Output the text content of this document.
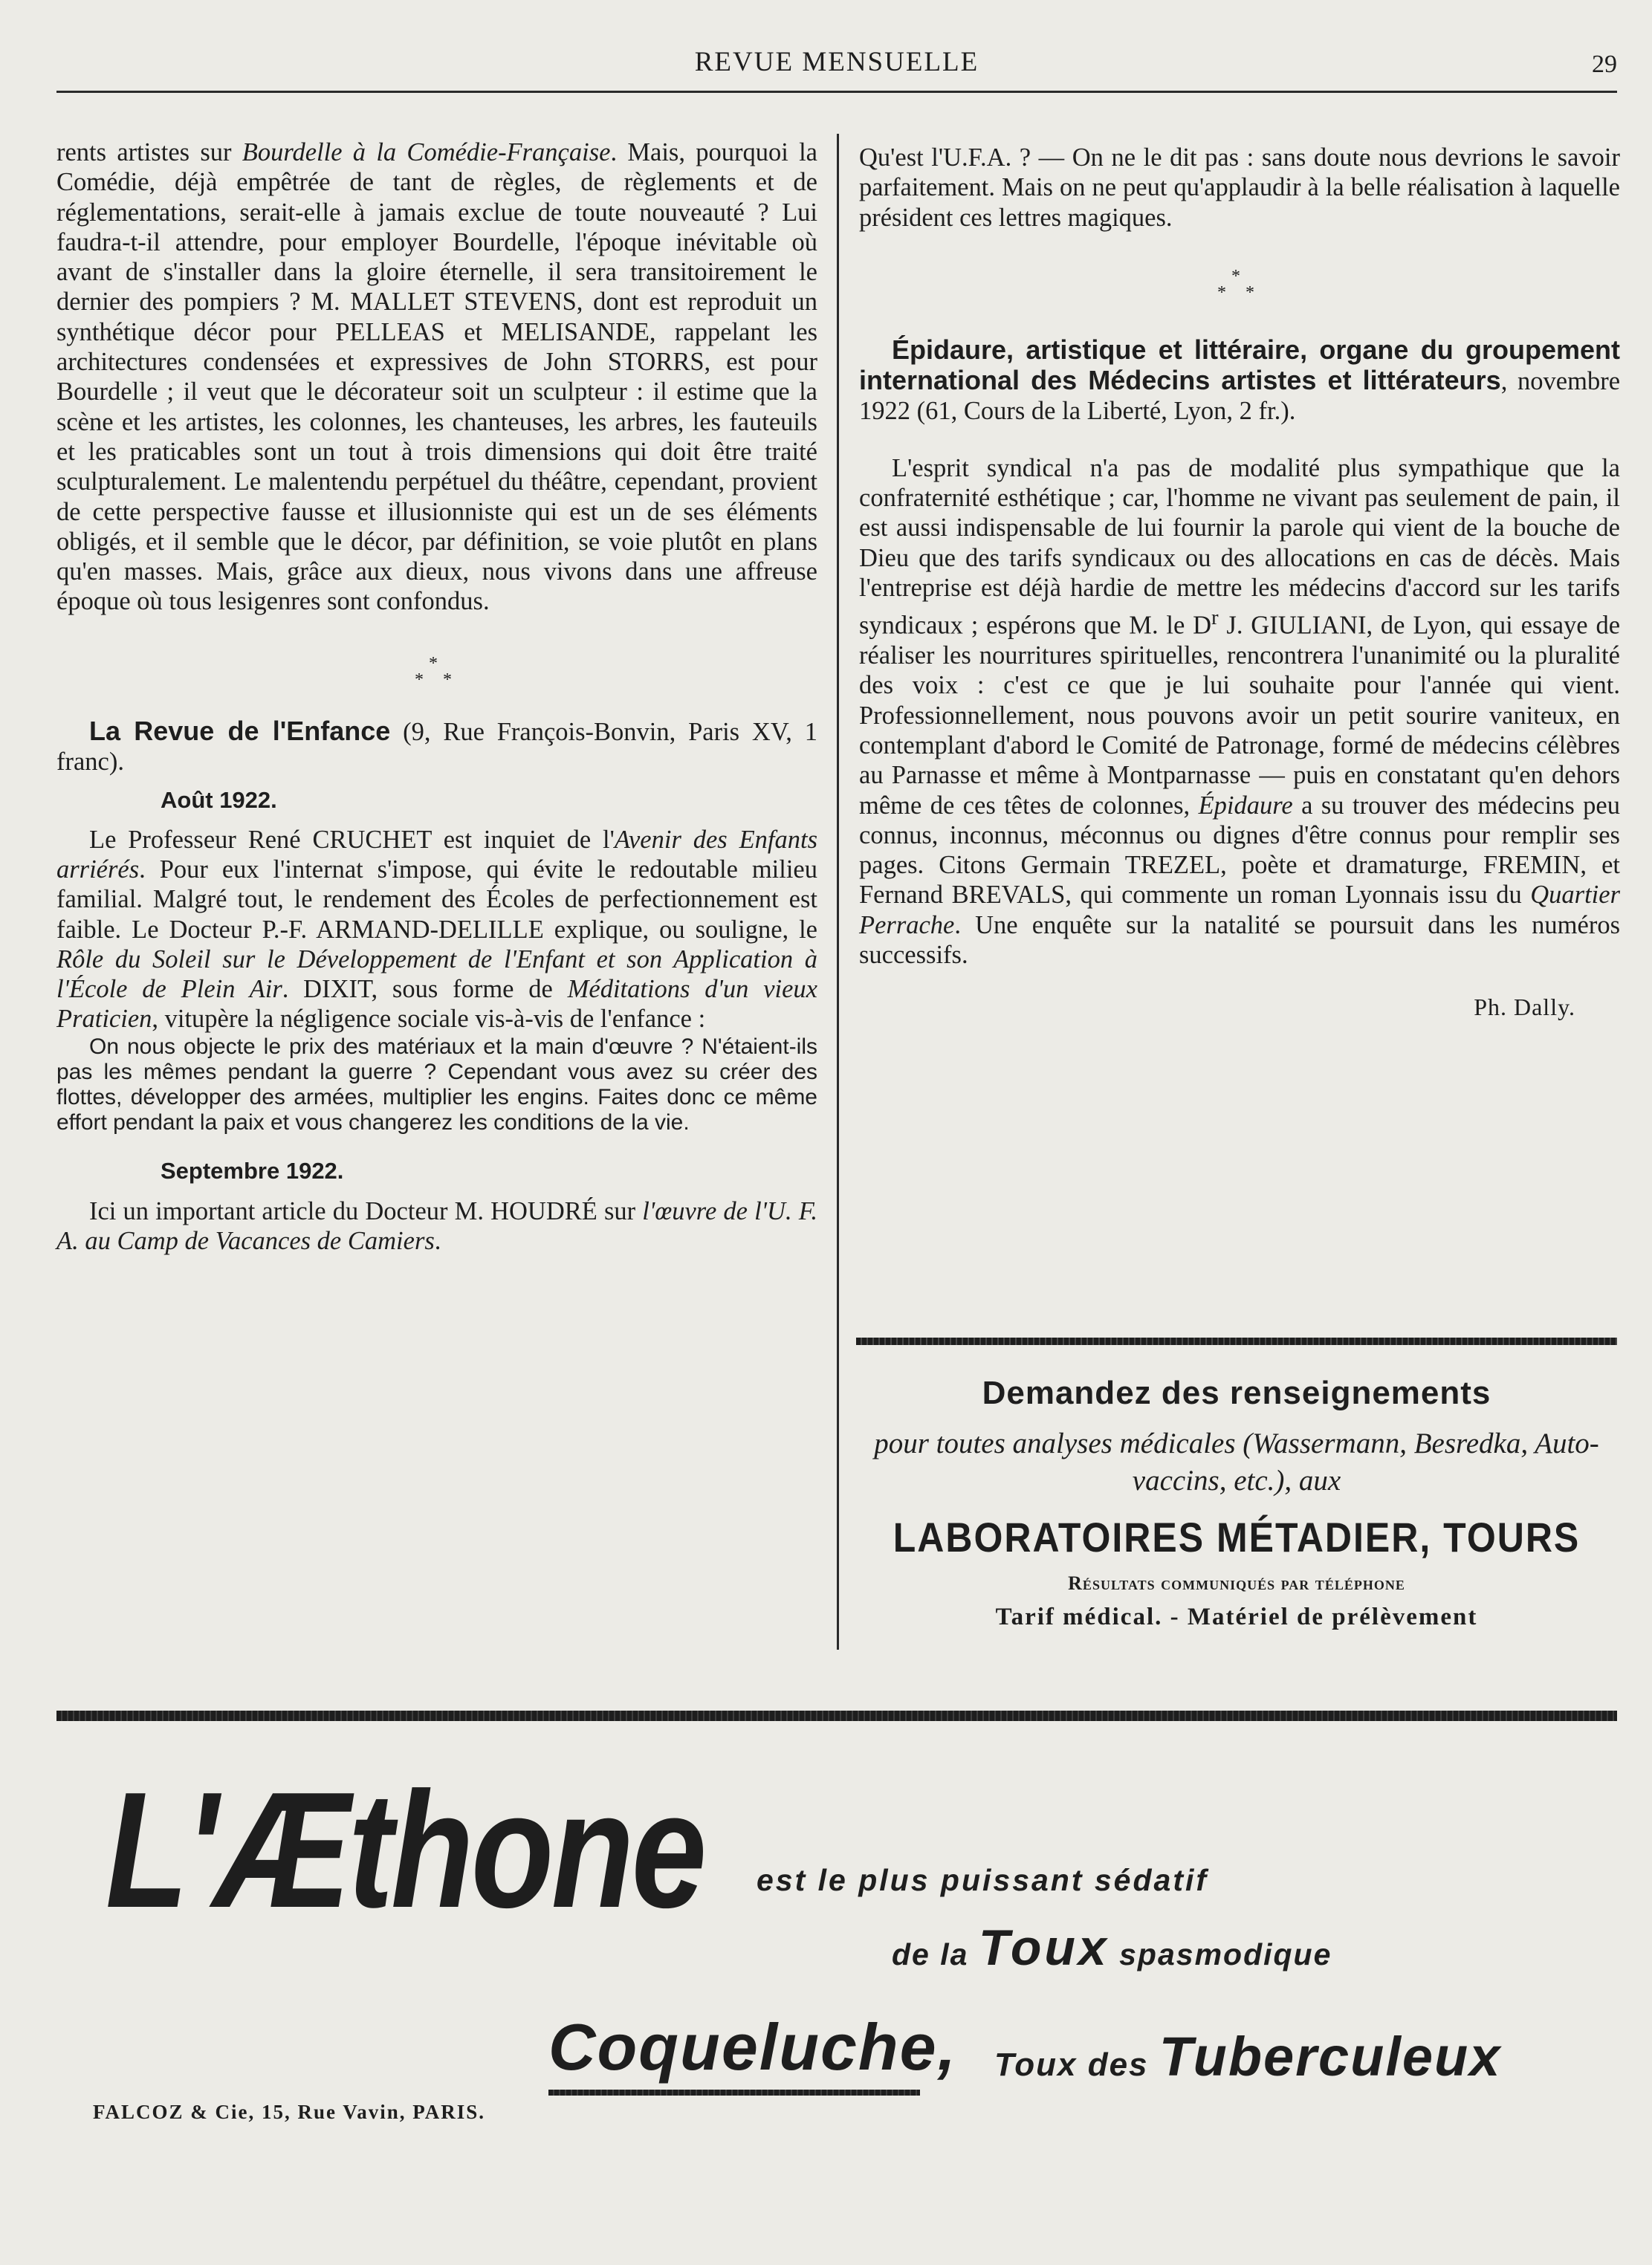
REVUE MENSUELLE	29

rents artistes sur Bourdelle à la Comédie-Française. Mais, pourquoi la Comédie, déjà empêtrée de tant de règles, de règlements et de réglementations, serait-elle à jamais exclue de toute nouveauté ? Lui faudra-t-il attendre, pour employer Bourdelle, l'époque inévitable où avant de s'installer dans la gloire éternelle, il sera transitoirement le dernier des pompiers ? M. MALLET STEVENS, dont est reproduit un synthétique décor pour PELLEAS et MELISANDE, rappelant les architectures condensées et expressives de John STORRS, est pour Bourdelle ; il veut que le décorateur soit un sculpteur : il estime que la scène et les artistes, les colonnes, les chanteuses, les arbres, les fauteuils et les praticables sont un tout à trois dimensions qui doit être traité sculpturalement. Le malentendu perpétuel du théâtre, cependant, provient de cette perspective fausse et illusionniste qui est un de ses éléments obligés, et il semble que le décor, par définition, se voie plutôt en plans qu'en masses. Mais, grâce aux dieux, nous vivons dans une affreuse époque où tous lesigenres sont confondus.

*
* *

La Revue de l'Enfance (9, Rue François-Bonvin, Paris XV, 1 franc).

Août 1922.

Le Professeur René CRUCHET est inquiet de l'Avenir des Enfants arriérés. Pour eux l'internat s'impose, qui évite le redoutable milieu familial. Malgré tout, le rendement des Écoles de perfectionnement est faible. Le Docteur P.-F. ARMAND-DELILLE explique, ou souligne, le Rôle du Soleil sur le Développement de l'Enfant et son Application à l'École de Plein Air. DIXIT, sous forme de Méditations d'un vieux Praticien, vitupère la négligence sociale vis-à-vis de l'enfance :

On nous objecte le prix des matériaux et la main d'œuvre ? N'étaient-ils pas les mêmes pendant la guerre ? Cependant vous avez su créer des flottes, développer des armées, multiplier les engins. Faites donc ce même effort pendant la paix et vous changerez les conditions de la vie.

Septembre 1922.

Ici un important article du Docteur M. HOUDRÉ sur l'œuvre de l'U. F. A. au Camp de Vacances de Camiers.

Qu'est l'U.F.A. ? — On ne le dit pas : sans doute nous devrions le savoir parfaitement. Mais on ne peut qu'applaudir à la belle réalisation à laquelle président ces lettres magiques.

*
* *

Épidaure, artistique et littéraire, organe du groupement international des Médecins artistes et littérateurs, novembre 1922 (61, Cours de la Liberté, Lyon, 2 fr.).

L'esprit syndical n'a pas de modalité plus sympathique que la confraternité esthétique ; car, l'homme ne vivant pas seulement de pain, il est aussi indispensable de lui fournir la parole qui vient de la bouche de Dieu que des tarifs syndicaux ou des allocations en cas de décès. Mais l'entreprise est déjà hardie de mettre les médecins d'accord sur les tarifs syndicaux ; espérons que M. le $D^r$ J. GIULIANI, de Lyon, qui essaye de réaliser les nourritures spirituelles, rencontrera l'unanimité ou la pluralité des voix : c'est ce que je lui souhaite pour l'année qui vient. Professionnellement, nous pouvons avoir un petit sourire vaniteux, en contemplant d'abord le Comité de Patronage, formé de médecins célèbres au Parnasse et même à Montparnasse — puis en constatant qu'en dehors même de ces têtes de colonnes, Épidaure a su trouver des médecins peu connus, inconnus, méconnus ou dignes d'être connus pour remplir ses pages. Citons Germain TREZEL, poète et dramaturge, FREMIN, et Fernand BREVALS, qui commente un roman Lyonnais issu du Quartier Perrache. Une enquête sur la natalité se poursuit dans les numéros successifs.

Ph. Dally.
Demandez des renseignements
pour toutes analyses médicales (Wassermann, Besredka, Auto-vaccins, etc.), aux
LABORATOIRES MÉTADIER, TOURS
Résultats communiqués par téléphone
Tarif médical. - Matériel de prélèvement
L'Æthone est le plus puissant sédatif
de la Toux spasmodique
Coqueluche, Toux des Tuberculeux
FALCOZ & Cie, 15, Rue Vavin, PARIS.
